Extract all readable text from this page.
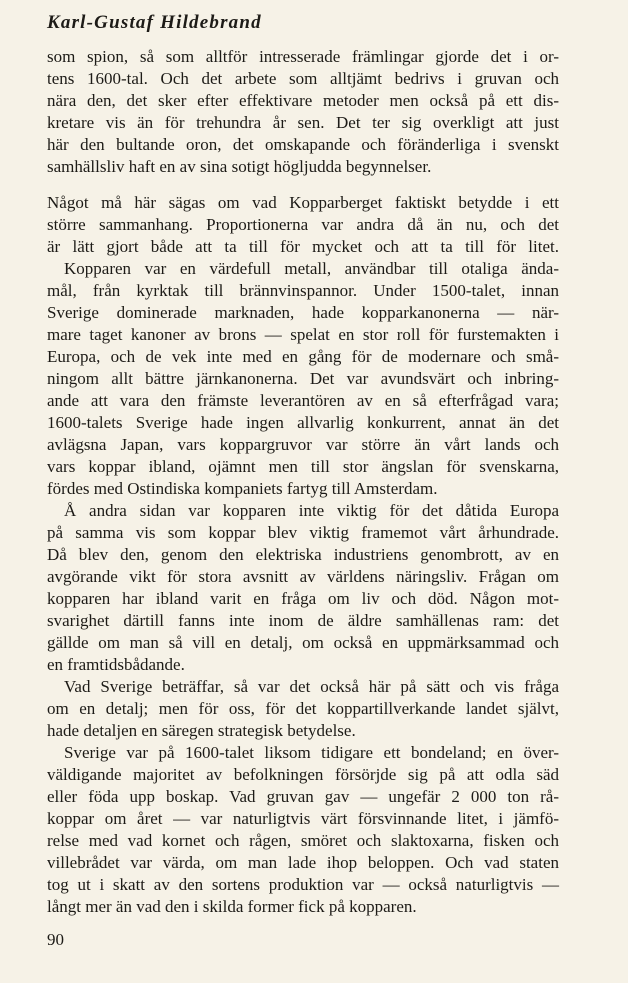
Karl-Gustaf Hildebrand
som spion, så som alltför intresserade främlingar gjorde det i or-
tens 1600-tal. Och det arbete som alltjämt bedrivs i gruvan och
nära den, det sker efter effektivare metoder men också på ett dis-
kretare vis än för trehundra år sen. Det ter sig overkligt att just
här den bultande oron, det omskapande och föränderliga i svenskt
samhällsliv haft en av sina sotigt högljudda begynnelser.
Något må här sägas om vad Kopparberget faktiskt betydde i ett
större sammanhang. Proportionerna var andra då än nu, och det
är lätt gjort både att ta till för mycket och att ta till för litet.
Kopparen var en värdefull metall, användbar till otaliga ända-
mål, från kyrktak till brännvinspannor. Under 1500-talet, innan
Sverige dominerade marknaden, hade kopparkanonerna — när-
mare taget kanoner av brons — spelat en stor roll för furstemakten i
Europa, och de vek inte med en gång för de modernare och små-
ningom allt bättre järnkanonerna. Det var avundsvärt och inbring-
ande att vara den främste leverantören av en så efterfrågad vara;
1600-talets Sverige hade ingen allvarlig konkurrent, annat än det
avlägsna Japan, vars koppargruvor var större än vårt lands och
vars koppar ibland, ojämnt men till stor ängslan för svenskarna,
fördes med Ostindiska kompaniets fartyg till Amsterdam.
Å andra sidan var kopparen inte viktig för det dåtida Europa
på samma vis som koppar blev viktig framemot vårt århundrade.
Då blev den, genom den elektriska industriens genombrott, av en
avgörande vikt för stora avsnitt av världens näringsliv. Frågan om
kopparen har ibland varit en fråga om liv och död. Någon mot-
svarighet därtill fanns inte inom de äldre samhällenas ram: det
gällde om man så vill en detalj, om också en uppmärksammad och
en framtidsbådande.
Vad Sverige beträffar, så var det också här på sätt och vis fråga
om en detalj; men för oss, för det koppartillverkande landet självt,
hade detaljen en säregen strategisk betydelse.
Sverige var på 1600-talet liksom tidigare ett bondeland; en över-
väldigande majoritet av befolkningen försörjde sig på att odla säd
eller föda upp boskap. Vad gruvan gav — ungefär 2 000 ton rå-
koppar om året — var naturligtvis värt försvinnande litet, i jämfö-
relse med vad kornet och rågen, smöret och slaktoxarna, fisken och
villebrådet var värda, om man lade ihop beloppen. Och vad staten
tog ut i skatt av den sortens produktion var — också naturligtvis —
långt mer än vad den i skilda former fick på kopparen.
90
